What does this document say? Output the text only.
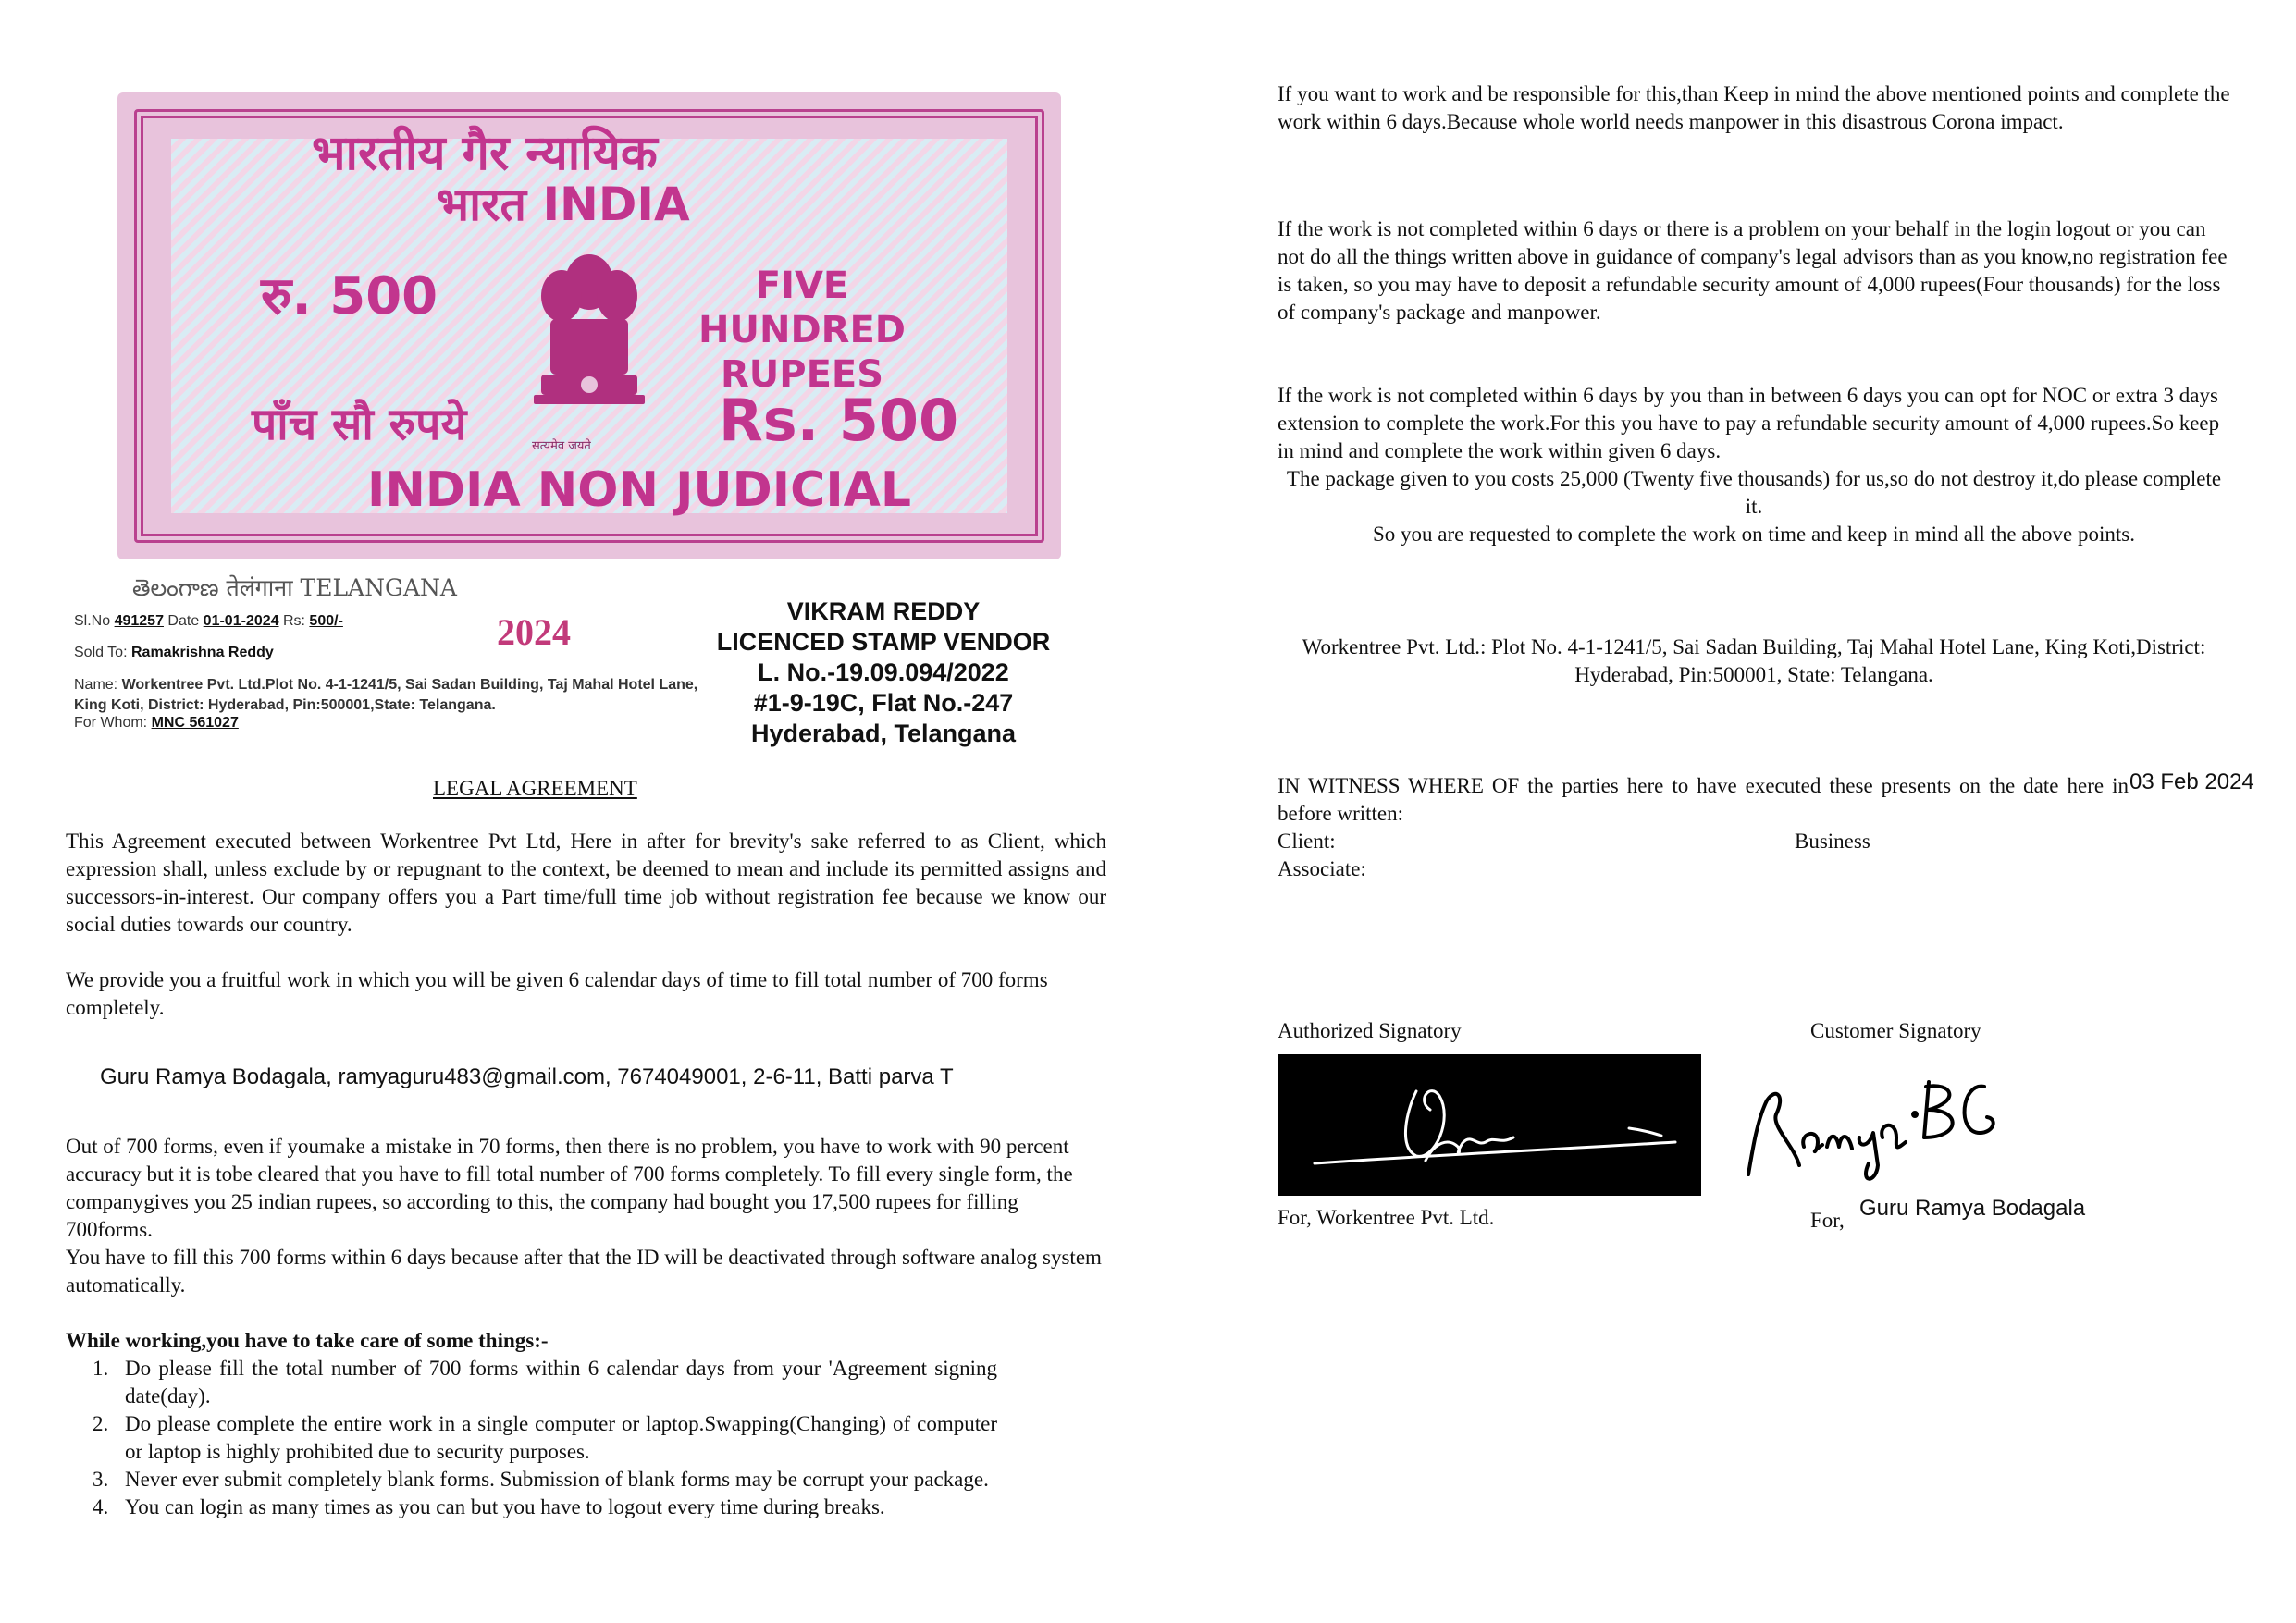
भारतीय गैर न्यायिक
भारत INDIA
रु. 500	FIVE HUNDRED RUPEES
पाँच सौ रुपये	Rs. 500
INDIA NON JUDICIAL
सत्यमेव जयते
తెలంగాణ तेलंगाना TELANGANA
Sl.No 491257 Date 01-01-2024 Rs: 500/-	2024
Sold To: Ramakrishna Reddy
Name: Workentree Pvt. Ltd.Plot No. 4-1-1241/5, Sai Sadan Building, Taj Mahal Hotel Lane, King Koti, District: Hyderabad, Pin:500001,State: Telangana.
For Whom: MNC 561027
VIKRAM REDDY
LICENCED STAMP VENDOR
L. No.-19.09.094/2022
#1-9-19C, Flat No.-247
Hyderabad, Telangana
LEGAL AGREEMENT
This Agreement executed between Workentree Pvt Ltd, Here in after for brevity's sake referred to as Client, which expression shall, unless exclude by or repugnant to the context, be deemed to mean and include its permitted assigns and successors-in-interest. Our company offers you a Part time/full time job without registration fee because we know our social duties towards our country.
We provide you a fruitful work in which you will be given 6 calendar days of time to fill total number of 700 forms completely.
Guru Ramya Bodagala, ramyaguru483@gmail.com, 7674049001, 2-6-11, Batti parva T
Out of 700 forms, even if youmake a mistake in 70 forms, then there is no problem, you have to work with 90 percent accuracy but it is tobe cleared that you have to fill total number of 700 forms completely. To fill every single form, the companygives you 25 indian rupees, so according to this, the company had bought you 17,500 rupees for filling 700forms.
You have to fill this 700 forms within 6 days because after that the ID will be deactivated through software analog system automatically.
While working,you have to take care of some things:-
1. Do please fill the total number of 700 forms within 6 calendar days from your 'Agreement signing date(day).
2. Do please complete the entire work in a single computer or laptop.Swapping(Changing) of computer or laptop is highly prohibited due to security purposes.
3. Never ever submit completely blank forms. Submission of blank forms may be corrupt your package.
4. You can login as many times as you can but you have to logout every time during breaks.
If you want to work and be responsible for this,than Keep in mind the above mentioned points and complete the work within 6 days.Because whole world needs manpower in this disastrous Corona impact.
If the work is not completed within 6 days or there is a problem on your behalf in the login logout or you can not do all the things written above in guidance of company's legal advisors than as you know,no registration fee is taken, so you may have to deposit a refundable security amount of 4,000 rupees(Four thousands) for the loss of company's package and manpower.
If the work is not completed within 6 days by you than in between 6 days you can opt for NOC or extra 3 days extension to complete the work.For this you have to pay a refundable security amount of 4,000 rupees.So keep in mind and complete the work within given 6 days.
The package given to you costs 25,000 (Twenty five thousands) for us,so do not destroy it,do please complete it.
So you are requested to complete the work on time and keep in mind all the above points.
Workentree Pvt. Ltd.: Plot No. 4-1-1241/5, Sai Sadan Building, Taj Mahal Hotel Lane, King Koti,District: Hyderabad, Pin:500001, State: Telangana.
IN WITNESS WHERE OF the parties here to have executed these presents on the date here in before written:
03 Feb 2024
Client:	Business
Associate:
Authorized Signatory	Customer Signatory
For, Workentree Pvt. Ltd.	For, Guru Ramya Bodagala
